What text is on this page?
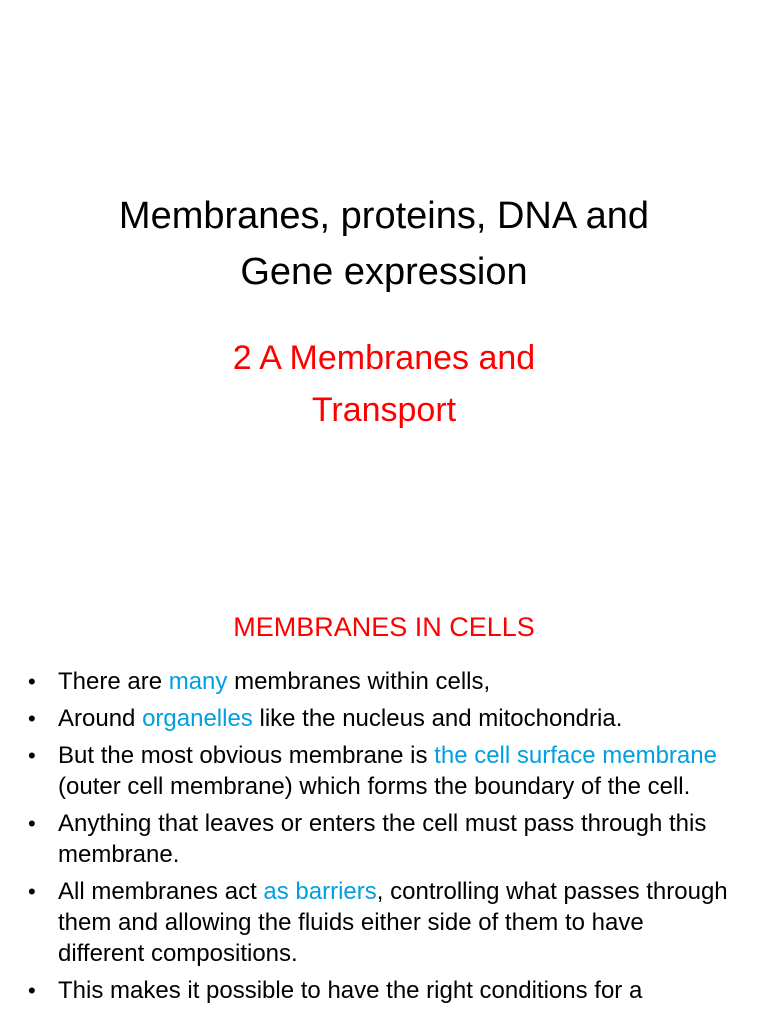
Membranes, proteins, DNA and
Gene expression
2 A Membranes and
Transport
MEMBRANES IN CELLS
• There are many membranes within cells,
• Around organelles like the nucleus and mitochondria.
• But the most obvious membrane is the cell surface membrane (outer cell membrane) which forms the boundary of the cell.
• Anything that leaves or enters the cell must pass through this membrane.
• All membranes act as barriers, controlling what passes through them and allowing the fluids either side of them to have different compositions.
• This makes it possible to have the right conditions for a
